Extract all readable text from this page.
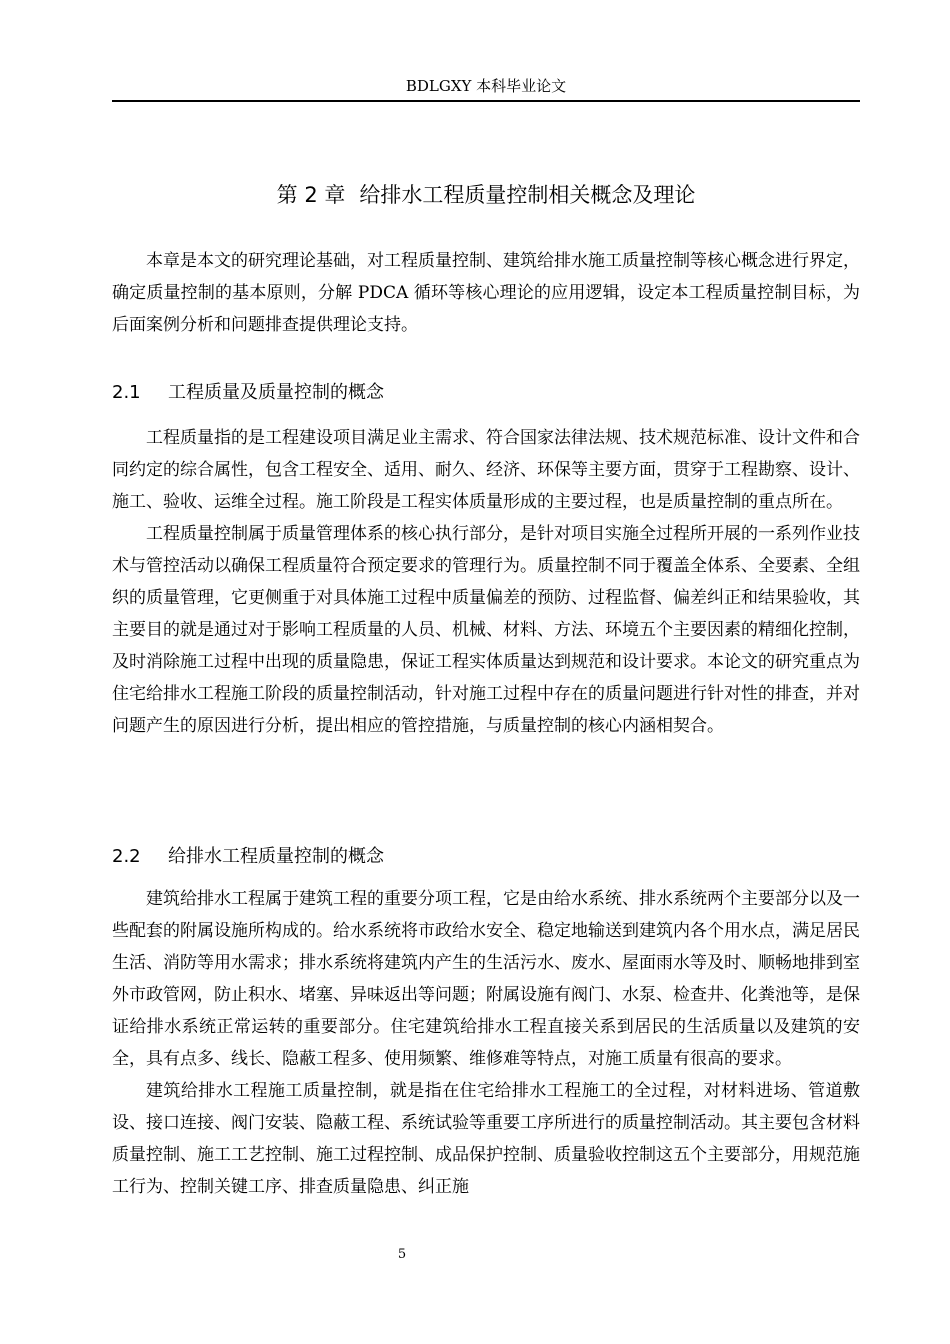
BDLGXY 本科毕业论文
第 2 章 给排水工程质量控制相关概念及理论

本章是本文的研究理论基础，对工程质量控制、建筑给排水施工质量控制等核心概念进行界定，确定质量控制的基本原则，分解 PDCA 循环等核心理论的应用逻辑，设定本工程质量控制目标，为后面案例分析和问题排查提供理论支持。

2.1 工程质量及质量控制的概念

工程质量指的是工程建设项目满足业主需求、符合国家法律法规、技术规范标准、设计文件和合同约定的综合属性，包含工程安全、适用、耐久、经济、环保等主要方面，贯穿于工程勘察、设计、施工、验收、运维全过程。施工阶段是工程实体质量形成的主要过程，也是质量控制的重点所在。

工程质量控制属于质量管理体系的核心执行部分，是针对项目实施全过程所开展的一系列作业技术与管控活动以确保工程质量符合预定要求的管理行为。质量控制不同于覆盖全体系、全要素、全组织的质量管理，它更侧重于对具体施工过程中质量偏差的预防、过程监督、偏差纠正和结果验收，其主要目的就是通过对于影响工程质量的人员、机械、材料、方法、环境五个主要因素的精细化控制，及时消除施工过程中出现的质量隐患，保证工程实体质量达到规范和设计要求。本论文的研究重点为住宅给排水工程施工阶段的质量控制活动，针对施工过程中存在的质量问题进行针对性的排查，并对问题产生的原因进行分析，提出相应的管控措施，与质量控制的核心内涵相契合。

2.2 给排水工程质量控制的概念

建筑给排水工程属于建筑工程的重要分项工程，它是由给水系统、排水系统两个主要部分以及一些配套的附属设施所构成的。给水系统将市政给水安全、稳定地输送到建筑内各个用水点，满足居民生活、消防等用水需求；排水系统将建筑内产生的生活污水、废水、屋面雨水等及时、顺畅地排到室外市政管网，防止积水、堵塞、异味返出等问题；附属设施有阀门、水泵、检查井、化粪池等，是保证给排水系统正常运转的重要部分。住宅建筑给排水工程直接关系到居民的生活质量以及建筑的安全，具有点多、线长、隐蔽工程多、使用频繁、维修难等特点，对施工质量有很高的要求。

建筑给排水工程施工质量控制，就是指在住宅给排水工程施工的全过程，对材料进场、管道敷设、接口连接、阀门安装、隐蔽工程、系统试验等重要工序所进行的质量控制活动。其主要包含材料质量控制、施工工艺控制、施工过程控制、成品保护控制、质量验收控制这五个主要部分，用规范施工行为、控制关键工序、排查质量隐患、纠正施

5
